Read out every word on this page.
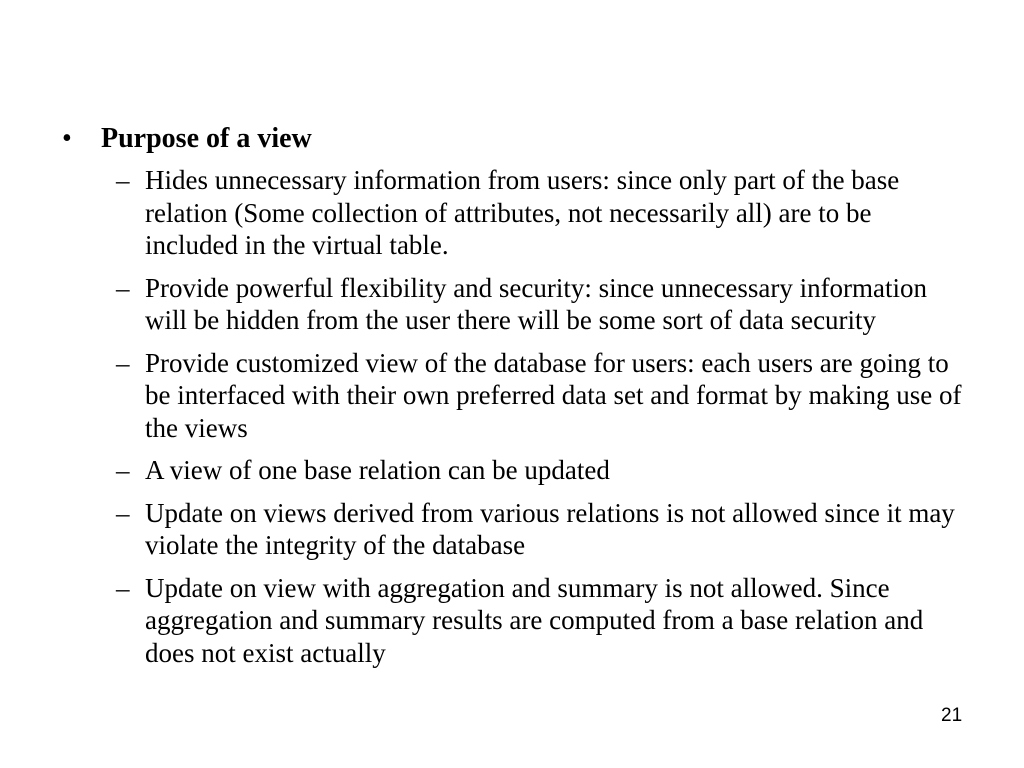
•	Purpose of a view
– Hides unnecessary information from users: since only part of the base relation (Some collection of attributes, not necessarily all) are to be included in the virtual table.
– Provide powerful flexibility and security: since unnecessary information will be hidden from the user there will be some sort of data security
– Provide customized view of the database for users: each users are going to be interfaced with their own preferred data set and format by making use of the views
– A view of one base relation can be updated
– Update on views derived from various relations is not allowed since it may violate the integrity of the database
– Update on view with aggregation and summary is not allowed. Since aggregation and summary results are computed from a base relation and does not exist actually
21
